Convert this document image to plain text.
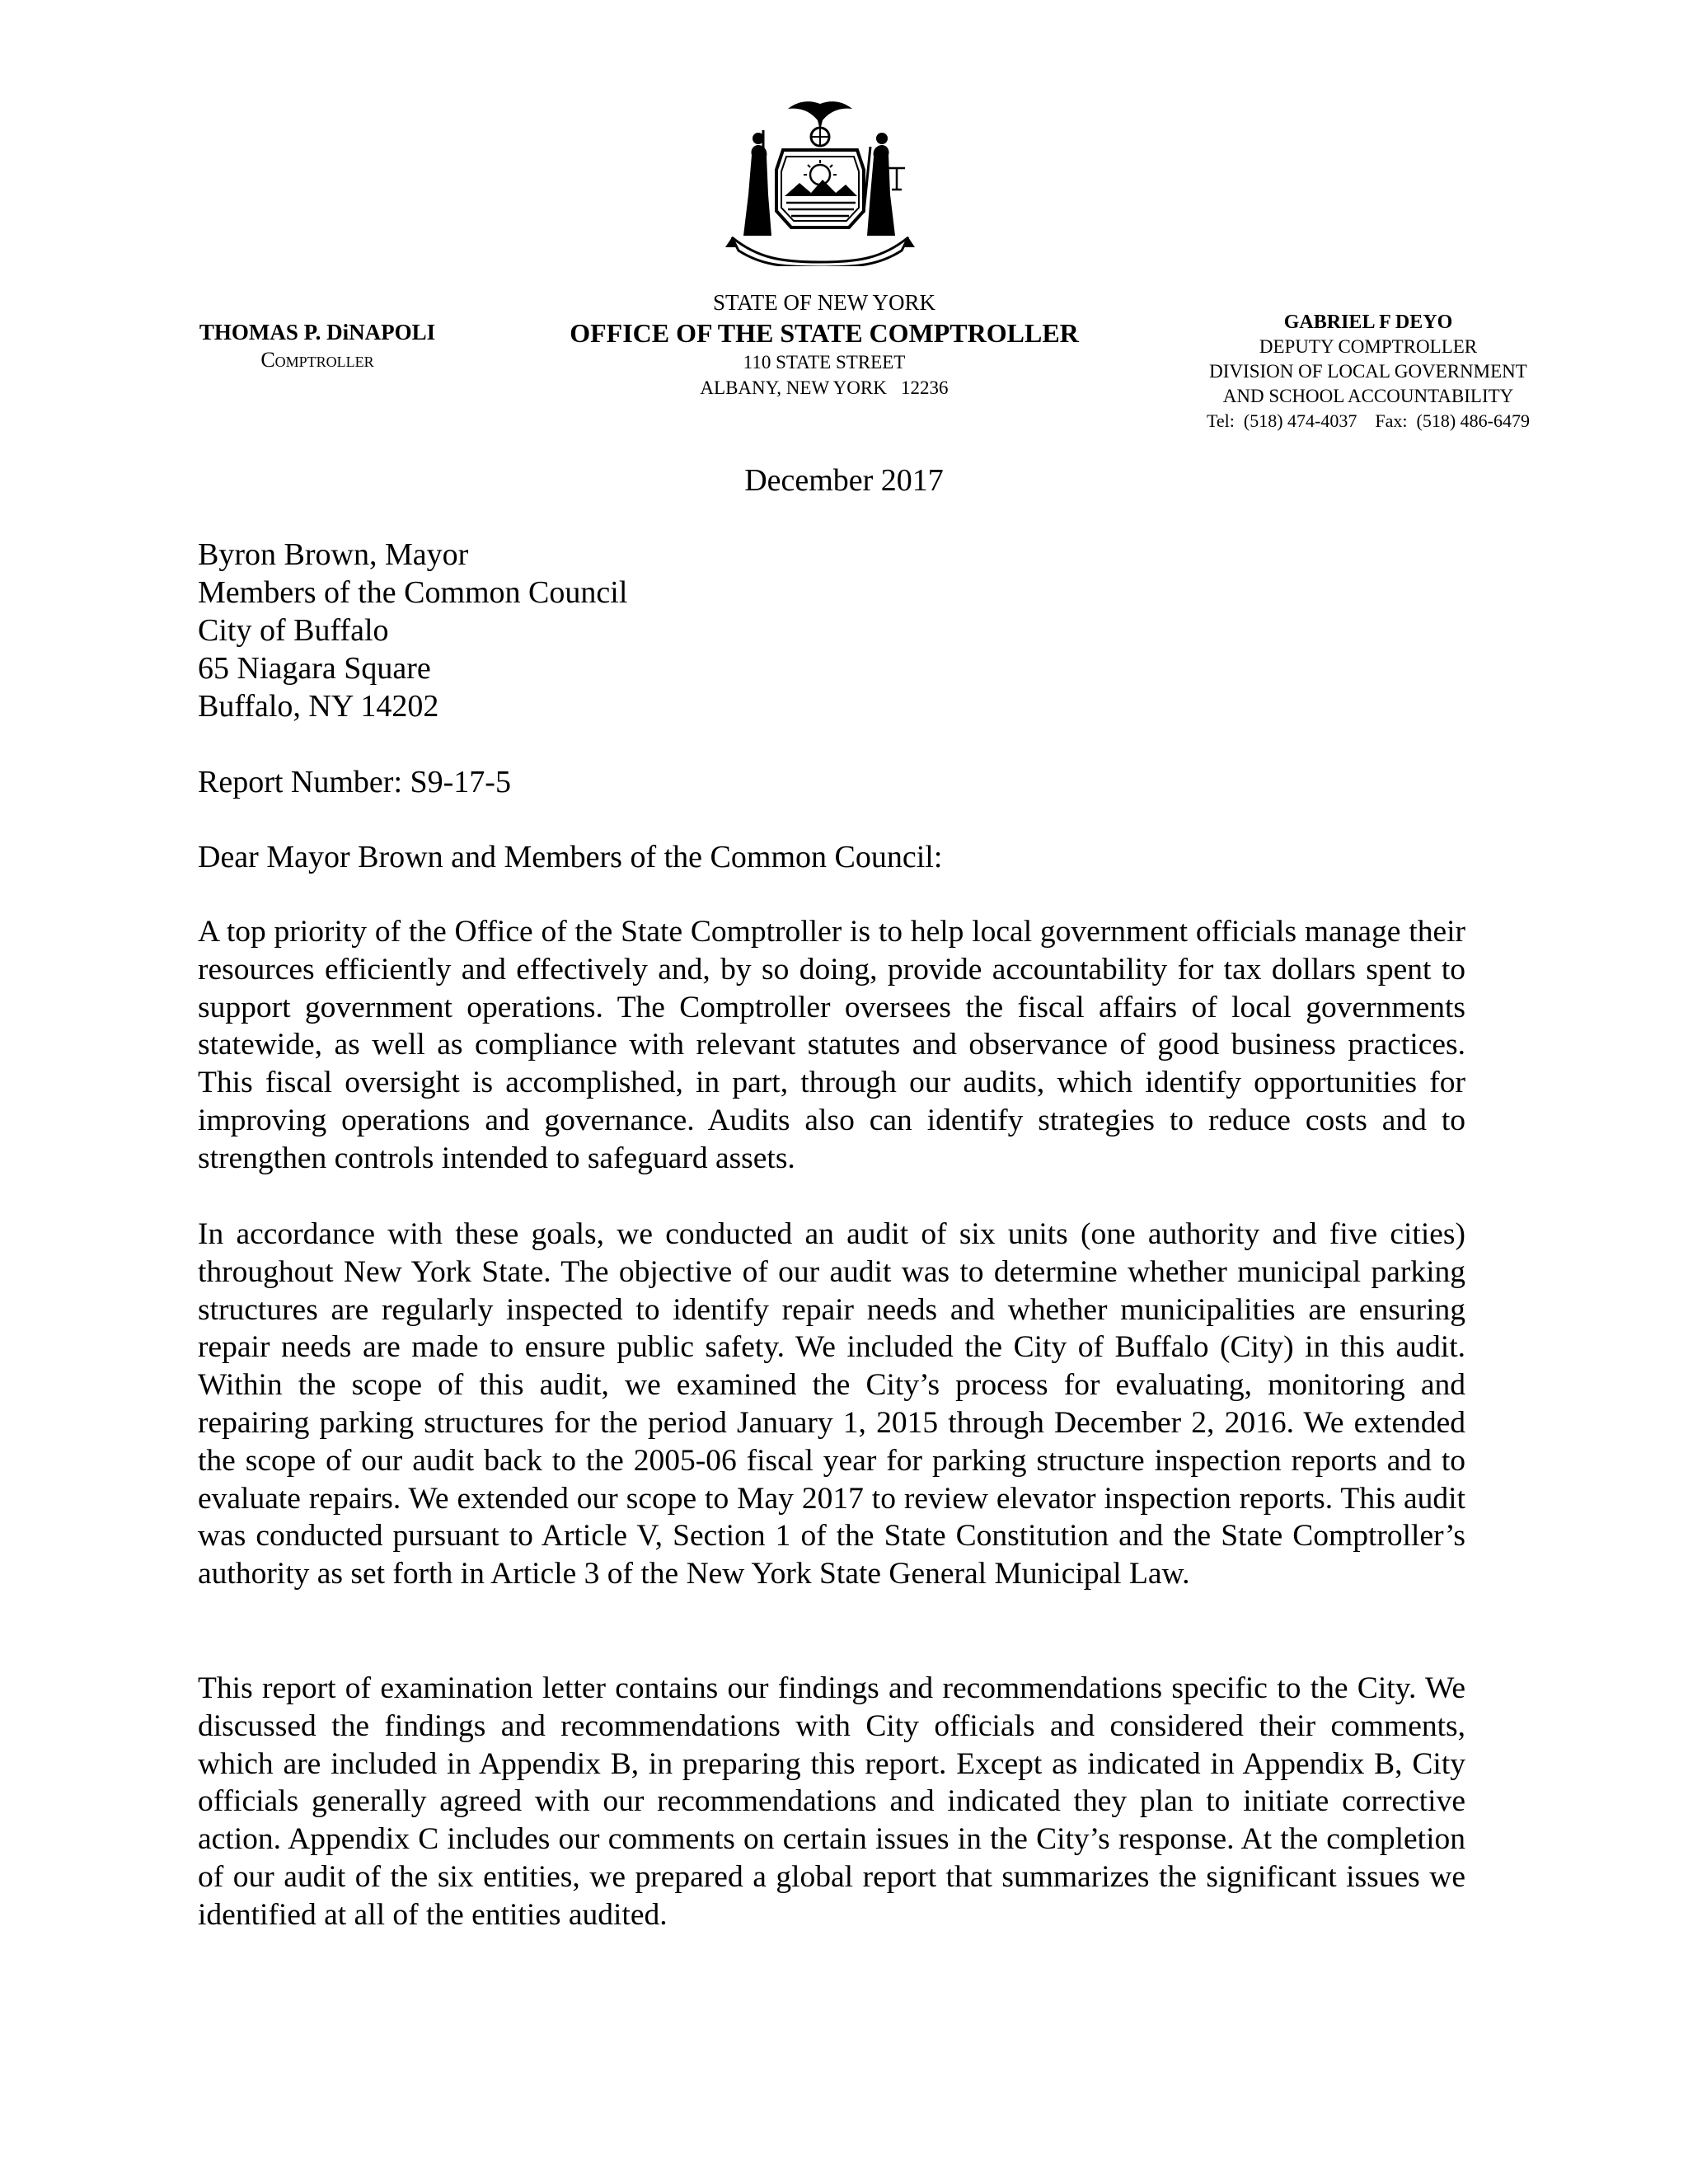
THOMAS P. DiNAPOLI
Comptroller
STATE OF NEW YORK
OFFICE OF THE STATE COMPTROLLER
110 STATE STREET
ALBANY, NEW YORK   12236
GABRIEL F DEYO
DEPUTY COMPTROLLER
DIVISION OF LOCAL GOVERNMENT
AND SCHOOL ACCOUNTABILITY
Tel:  (518) 474-4037 Fax:  (518) 486-6479
December 2017
Byron Brown, Mayor
Members of the Common Council
City of Buffalo
65 Niagara Square
Buffalo, NY 14202
Report Number: S9-17-5
Dear Mayor Brown and Members of the Common Council:
A top priority of the Office of the State Comptroller is to help local government officials manage their resources efficiently and effectively and, by so doing, provide accountability for tax dollars spent to support government operations. The Comptroller oversees the fiscal affairs of local governments statewide, as well as compliance with relevant statutes and observance of good business practices. This fiscal oversight is accomplished, in part, through our audits, which identify opportunities for improving operations and governance. Audits also can identify strategies to reduce costs and to strengthen controls intended to safeguard assets.
In accordance with these goals, we conducted an audit of six units (one authority and five cities) throughout New York State. The objective of our audit was to determine whether municipal parking structures are regularly inspected to identify repair needs and whether municipalities are ensuring repair needs are made to ensure public safety. We included the City of Buffalo (City) in this audit. Within the scope of this audit, we examined the City’s process for evaluating, monitoring and repairing parking structures for the period January 1, 2015 through December 2, 2016. We extended the scope of our audit back to the 2005-06 fiscal year for parking structure inspection reports and to evaluate repairs. We extended our scope to May 2017 to review elevator inspection reports. This audit was conducted pursuant to Article V, Section 1 of the State Constitution and the State Comptroller’s authority as set forth in Article 3 of the New York State General Municipal Law.
This report of examination letter contains our findings and recommendations specific to the City. We discussed the findings and recommendations with City officials and considered their comments, which are included in Appendix B, in preparing this report. Except as indicated in Appendix B, City officials generally agreed with our recommendations and indicated they plan to initiate corrective action. Appendix C includes our comments on certain issues in the City’s response. At the completion of our audit of the six entities, we prepared a global report that summarizes the significant issues we identified at all of the entities audited.
